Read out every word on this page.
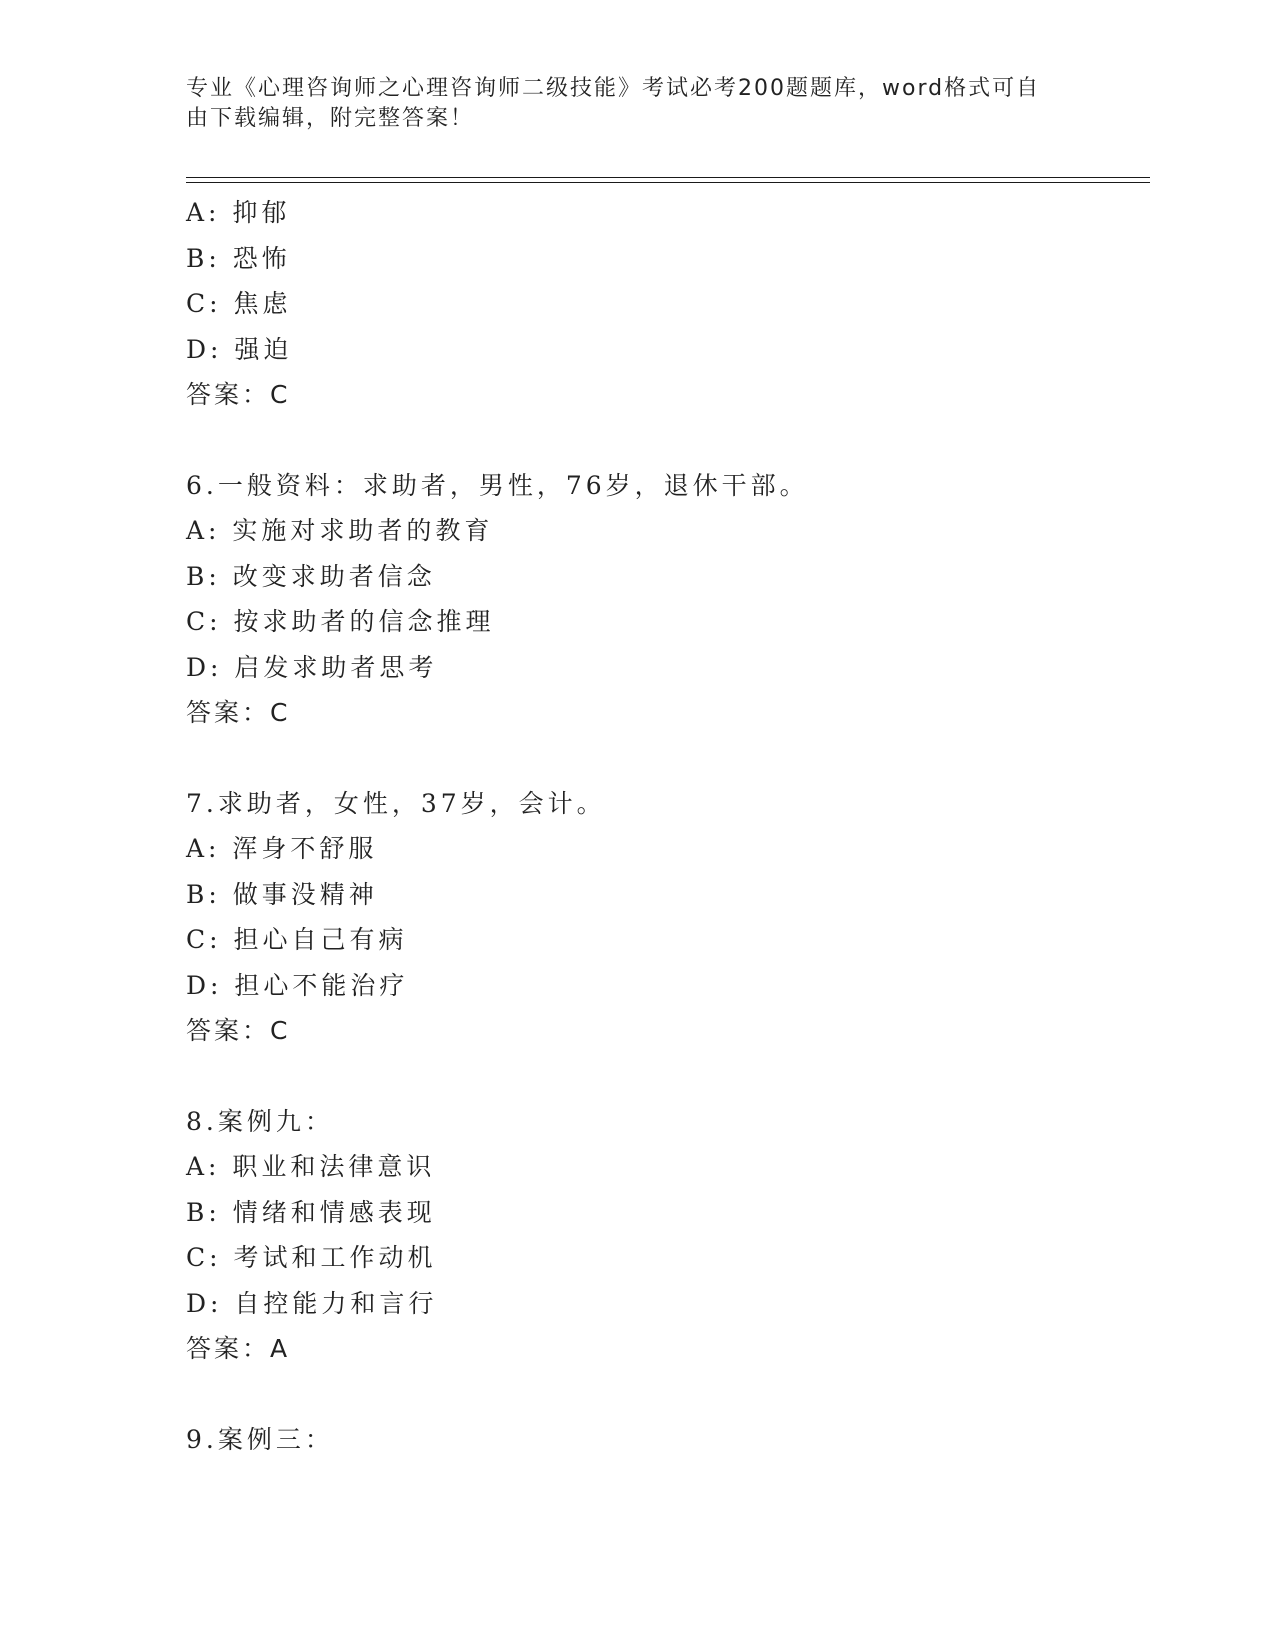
专业《心理咨询师之心理咨询师二级技能》考试必考200题题库，word格式可自
由下载编辑，附完整答案！
A: 抑郁
B: 恐怖
C: 焦虑
D: 强迫
答案：C
6.一般资料：求助者，男性，76岁，退休干部。
A: 实施对求助者的教育
B: 改变求助者信念
C: 按求助者的信念推理
D: 启发求助者思考
答案：C
7.求助者，女性，37岁，会计。
A: 浑身不舒服
B: 做事没精神
C: 担心自己有病
D: 担心不能治疗
答案：C
8.案例九：
A: 职业和法律意识
B: 情绪和情感表现
C: 考试和工作动机
D: 自控能力和言行
答案：A
9.案例三：
